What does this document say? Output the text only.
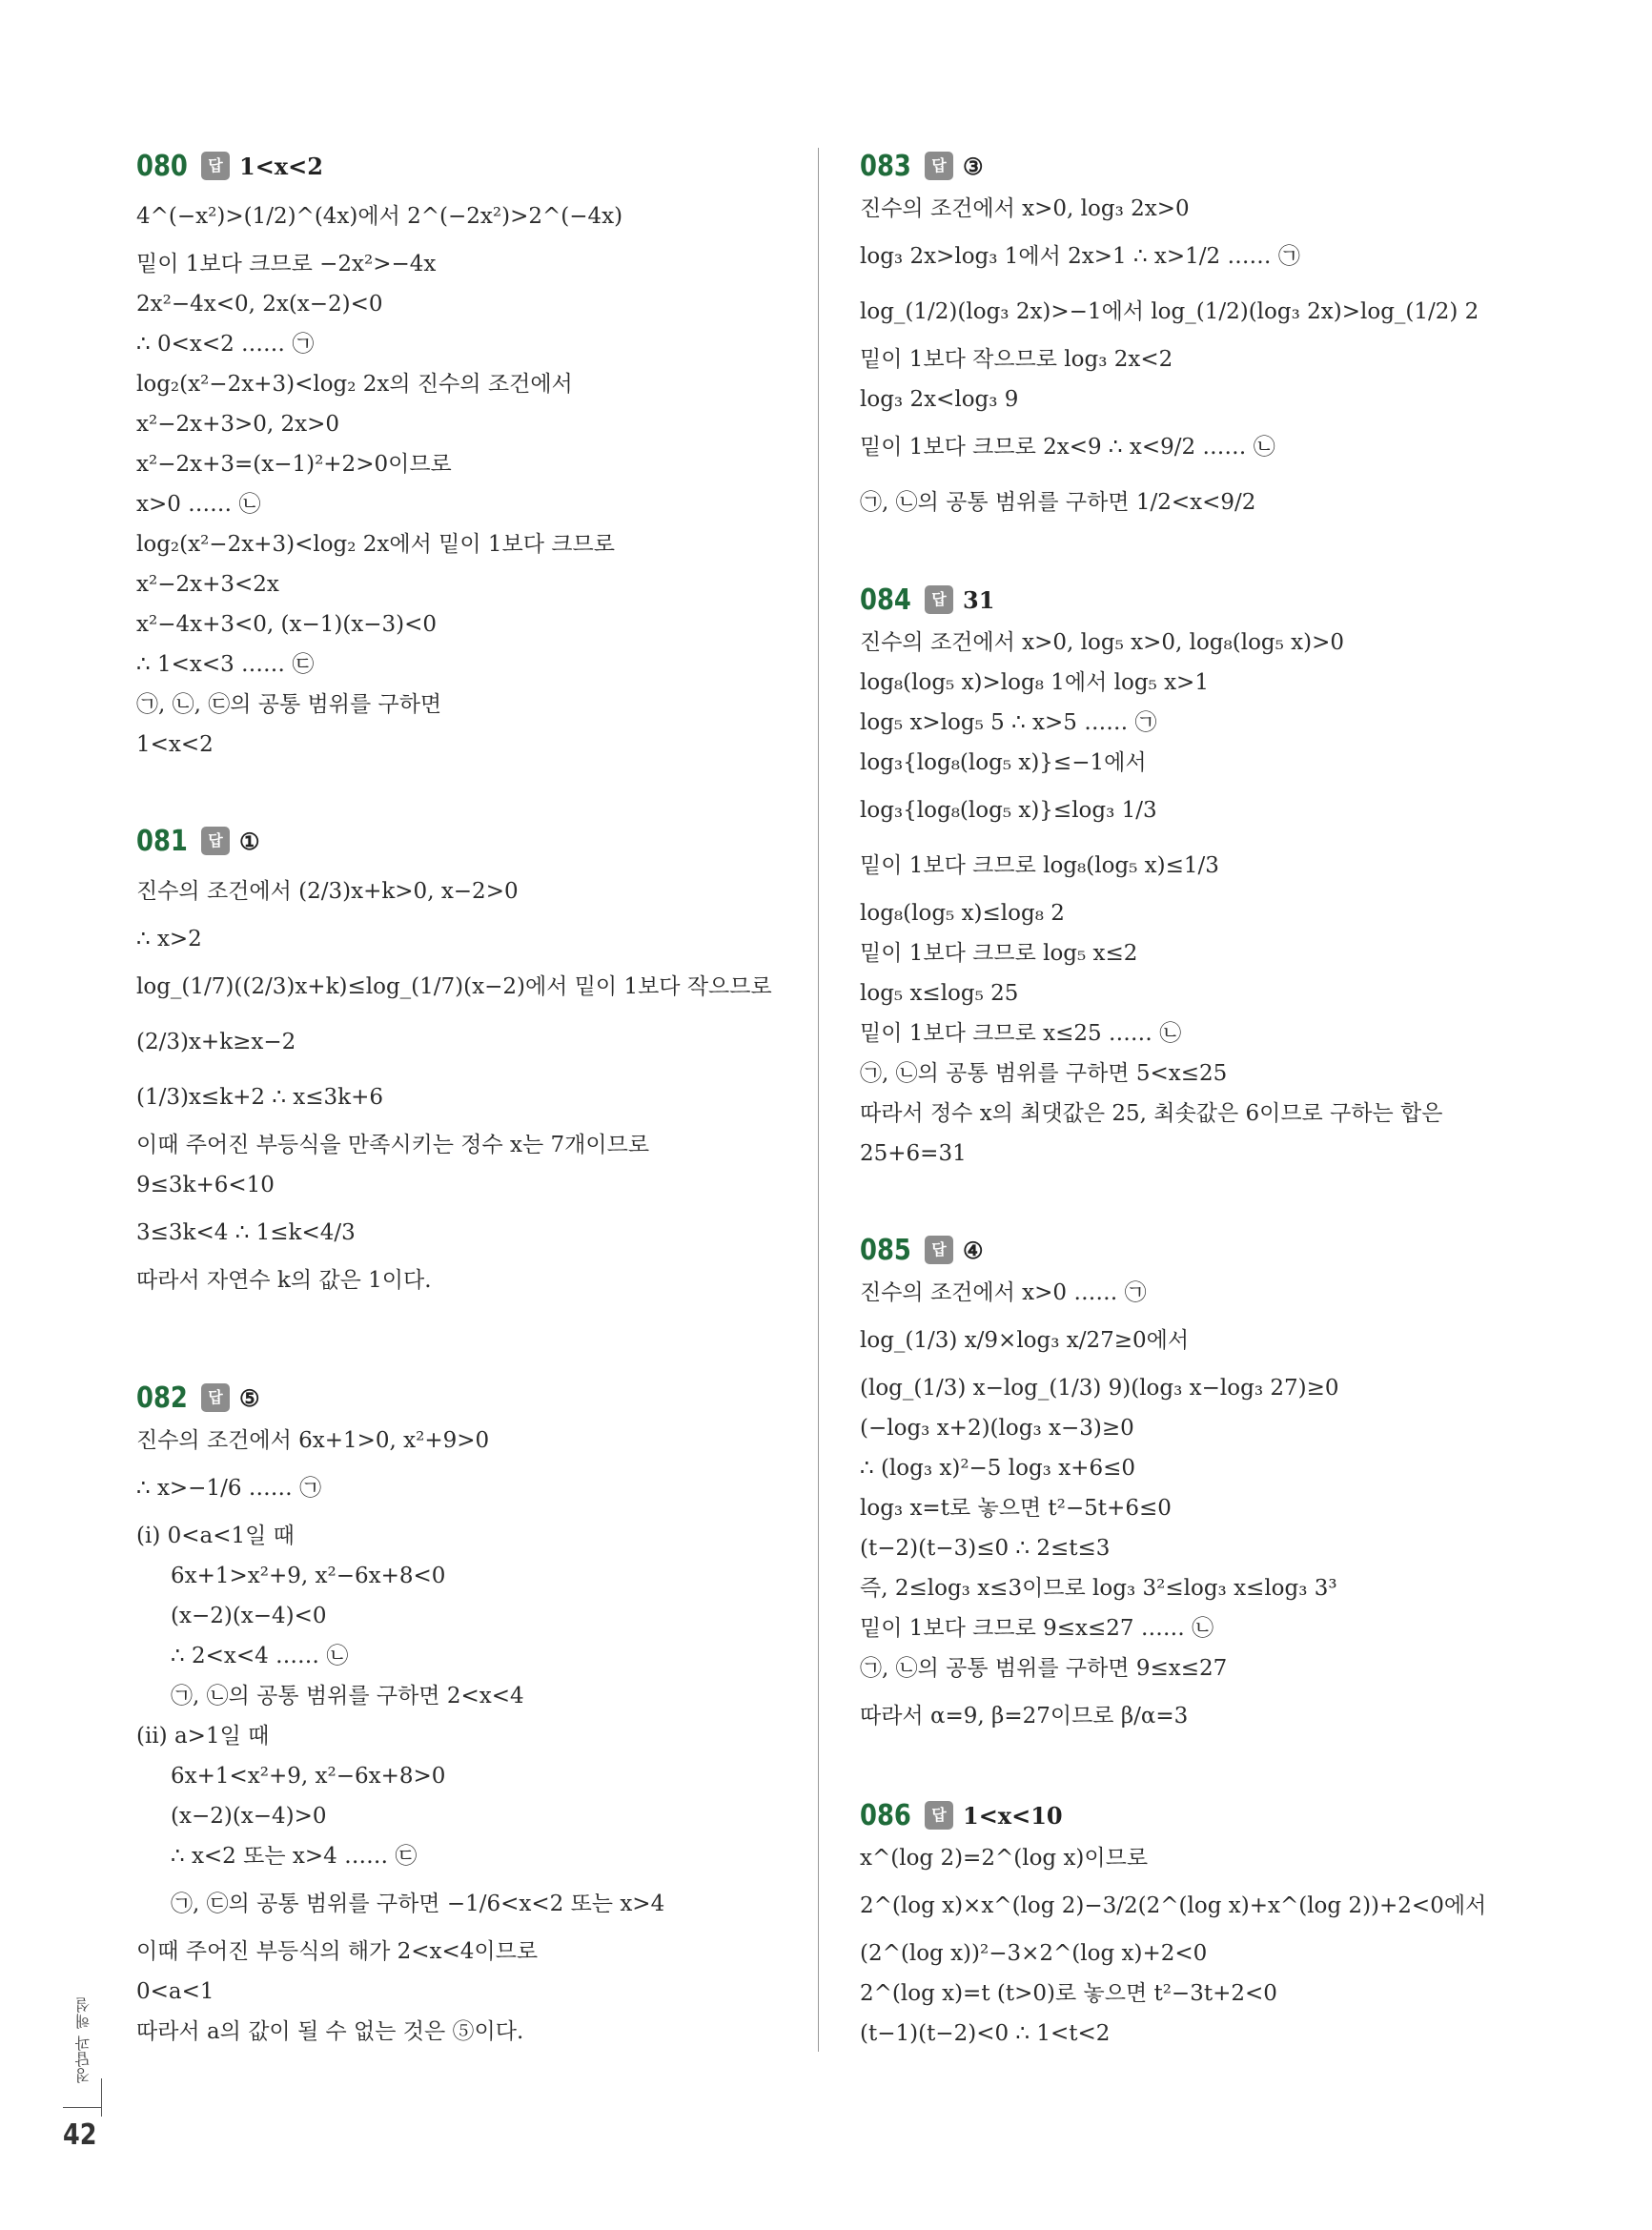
080	답 1<x<2
4^(−x²)>(1/2)^(4x)에서 2^(−2x²)>2^(−4x)
밑이 1보다 크므로 −2x²>−4x
2x²−4x<0, 2x(x−2)<0
∴ 0<x<2 …… ㉠
log₂(x²−2x+3)<log₂ 2x의 진수의 조건에서
x²−2x+3>0, 2x>0
x²−2x+3=(x−1)²+2>0이므로
x>0 …… ㉡
log₂(x²−2x+3)<log₂ 2x에서 밑이 1보다 크므로
x²−2x+3<2x
x²−4x+3<0, (x−1)(x−3)<0
∴ 1<x<3 …… ㉢
㉠, ㉡, ㉢의 공통 범위를 구하면
1<x<2
081	답 ①
진수의 조건에서 (2/3)x+k>0, x−2>0
∴ x>2
log_(1/7)((2/3)x+k)≤log_(1/7)(x−2)에서 밑이 1보다 작으므로
(2/3)x+k≥x−2
(1/3)x≤k+2 ∴ x≤3k+6
이때 주어진 부등식을 만족시키는 정수 x는 7개이므로
9≤3k+6<10
3≤3k<4 ∴ 1≤k<4/3
따라서 자연수 k의 값은 1이다.
082	답 ⑤
진수의 조건에서 6x+1>0, x²+9>0
∴ x>−1/6 …… ㉠
(ⅰ) 0<a<1일 때
6x+1>x²+9, x²−6x+8<0
(x−2)(x−4)<0
∴ 2<x<4 …… ㉡
㉠, ㉡의 공통 범위를 구하면 2<x<4
(ⅱ) a>1일 때
6x+1<x²+9, x²−6x+8>0
(x−2)(x−4)>0
∴ x<2 또는 x>4 …… ㉢
㉠, ㉢의 공통 범위를 구하면 −1/6<x<2 또는 x>4
이때 주어진 부등식의 해가 2<x<4이므로
0<a<1
따라서 a의 값이 될 수 없는 것은 ⑤이다.
083	답 ③
진수의 조건에서 x>0, log₃ 2x>0
log₃ 2x>log₃ 1에서 2x>1 ∴ x>1/2 …… ㉠
log_(1/2)(log₃ 2x)>−1에서 log_(1/2)(log₃ 2x)>log_(1/2) 2
밑이 1보다 작으므로 log₃ 2x<2
log₃ 2x<log₃ 9
밑이 1보다 크므로 2x<9 ∴ x<9/2 …… ㉡
㉠, ㉡의 공통 범위를 구하면 1/2<x<9/2
084	답 31
진수의 조건에서 x>0, log₅ x>0, log₈(log₅ x)>0
log₈(log₅ x)>log₈ 1에서 log₅ x>1
log₅ x>log₅ 5 ∴ x>5 …… ㉠
log₃{log₈(log₅ x)}≤−1에서
log₃{log₈(log₅ x)}≤log₃ 1/3
밑이 1보다 크므로 log₈(log₅ x)≤1/3
log₈(log₅ x)≤log₈ 2
밑이 1보다 크므로 log₅ x≤2
log₅ x≤log₅ 25
밑이 1보다 크므로 x≤25 …… ㉡
㉠, ㉡의 공통 범위를 구하면 5<x≤25
따라서 정수 x의 최댓값은 25, 최솟값은 6이므로 구하는 합은
25+6=31
085	답 ④
진수의 조건에서 x>0 …… ㉠
log_(1/3) x/9×log₃ x/27≥0에서
(log_(1/3) x−log_(1/3) 9)(log₃ x−log₃ 27)≥0
(−log₃ x+2)(log₃ x−3)≥0
∴ (log₃ x)²−5 log₃ x+6≤0
log₃ x=t로 놓으면 t²−5t+6≤0
(t−2)(t−3)≤0 ∴ 2≤t≤3
즉, 2≤log₃ x≤3이므로 log₃ 3²≤log₃ x≤log₃ 3³
밑이 1보다 크므로 9≤x≤27 …… ㉡
㉠, ㉡의 공통 범위를 구하면 9≤x≤27
따라서 α=9, β=27이므로 β/α=3
086	답 1<x<10
x^(log 2)=2^(log x)이므로
2^(log x)×x^(log 2)−3/2(2^(log x)+x^(log 2))+2<0에서
(2^(log x))²−3×2^(log x)+2<0
2^(log x)=t (t>0)로 놓으면 t²−3t+2<0
(t−1)(t−2)<0 ∴ 1<t<2
정답과 해설
42
